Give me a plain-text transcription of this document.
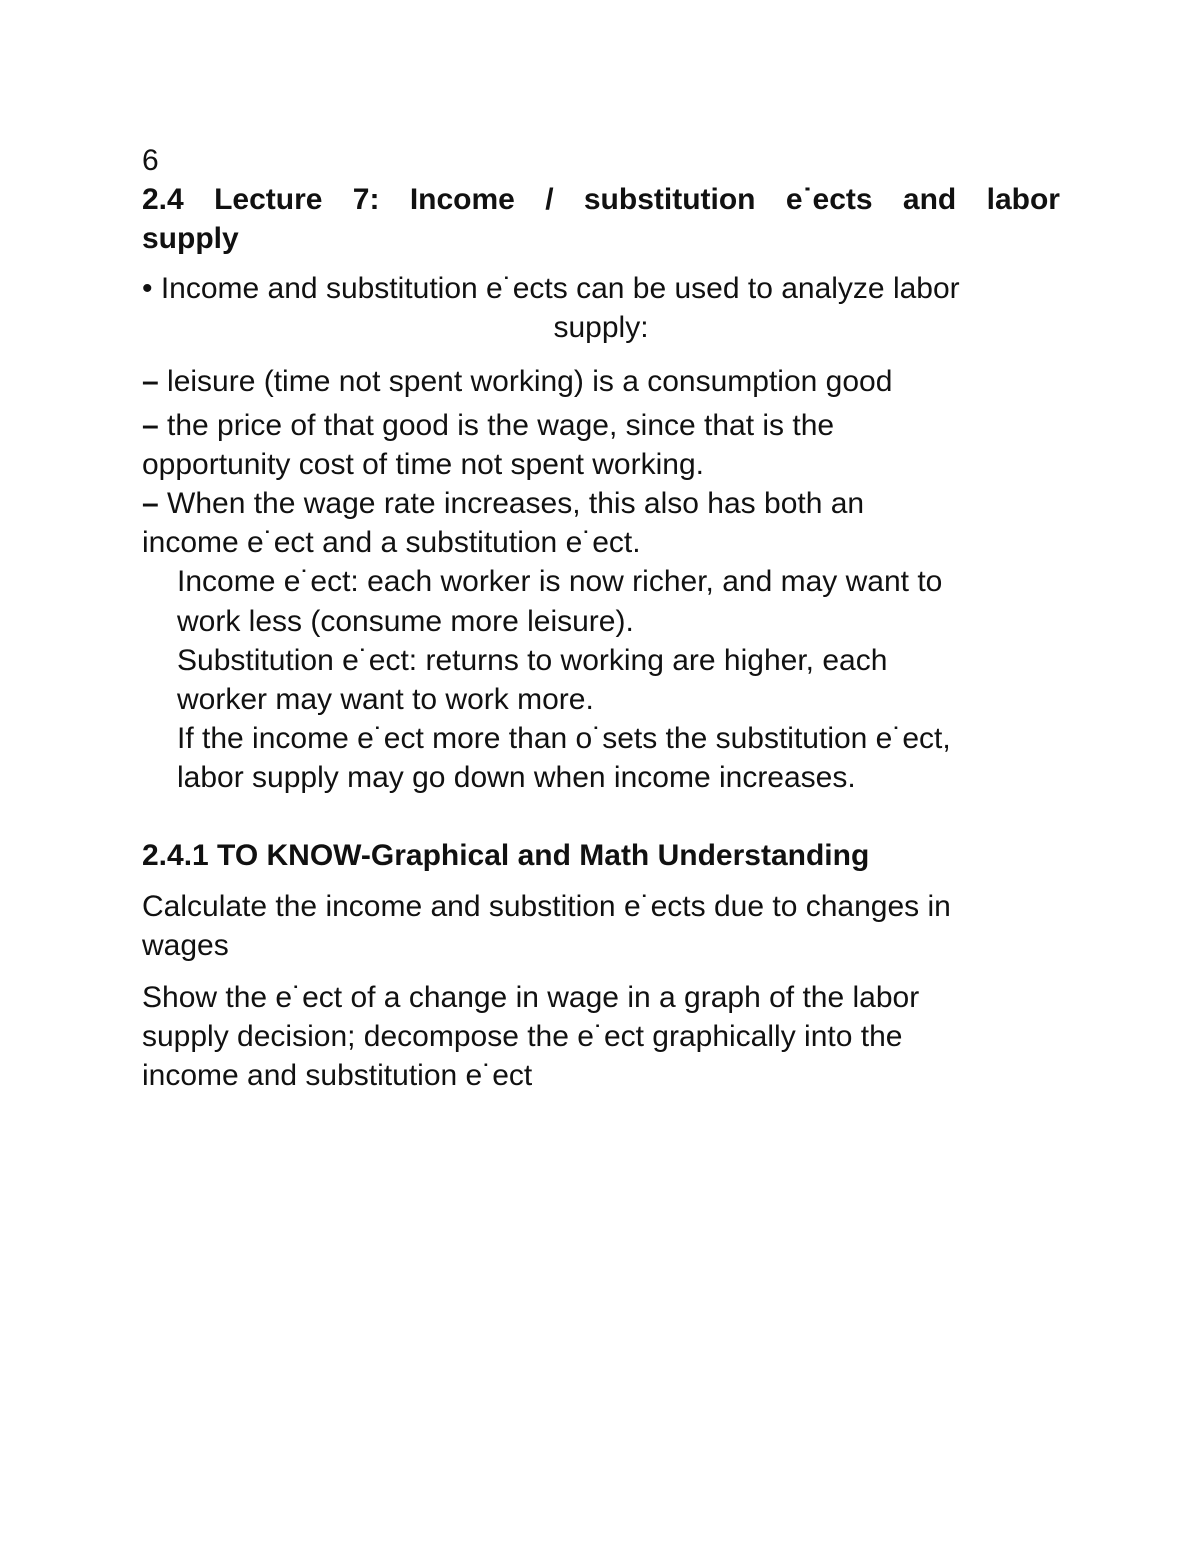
6
2.4 Lecture 7: Income / substitution e˙ects and labor
supply
• Income and substitution e˙ects can be used to analyze labor
supply:
– leisure (time not spent working) is a consumption good
– the price of that good is the wage, since that is the
opportunity cost of time not spent working.
– When the wage rate increases, this also has both an
income e˙ect and a substitution e˙ect.
Income e˙ect: each worker is now richer, and may want to
work less (consume more leisure).
Substitution e˙ect: returns to working are higher, each
worker may want to work more.
If the income e˙ect more than o˙sets the substitution e˙ect,
labor supply may go down when income increases.
2.4.1 TO KNOW-Graphical and Math Understanding
Calculate the income and substition e˙ects due to changes in
wages
Show the e˙ect of a change in wage in a graph of the labor
supply decision; decompose the e˙ect graphically into the
income and substitution e˙ect
